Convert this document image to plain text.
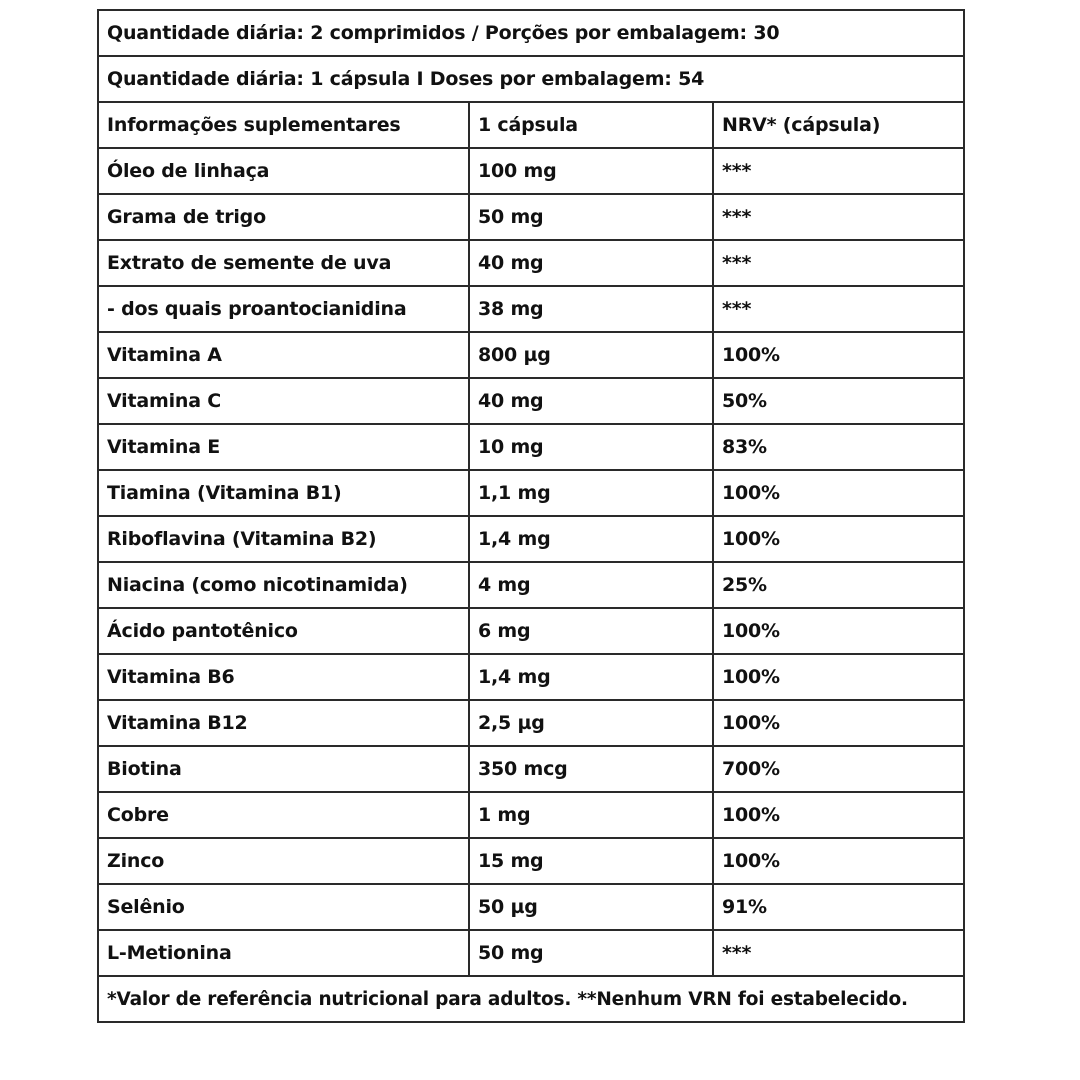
Quantidade diária: 2 comprimidos / Porções por embalagem: 30		
Quantidade diária: 1 cápsula I Doses por embalagem: 54		
Informações suplementares	1 cápsula	NRV* (cápsula)
Óleo de linhaça	100 mg	***
Grama de trigo	50 mg	***
Extrato de semente de uva	40 mg	***
- dos quais proantocianidina	38 mg	***
Vitamina A	800 µg	100%
Vitamina C	40 mg	50%
Vitamina E	10 mg	83%
Tiamina (Vitamina B1)	1,1 mg	100%
Riboflavina (Vitamina B2)	1,4 mg	100%
Niacina (como nicotinamida)	4 mg	25%
Ácido pantotênico	6 mg	100%
Vitamina B6	1,4 mg	100%
Vitamina B12	2,5 µg	100%
Biotina	350 mcg	700%
Cobre	1 mg	100%
Zinco	15 mg	100%
Selênio	50 µg	91%
L-Metionina	50 mg	***
*Valor de referência nutricional para adultos. **Nenhum VRN foi estabelecido.		
